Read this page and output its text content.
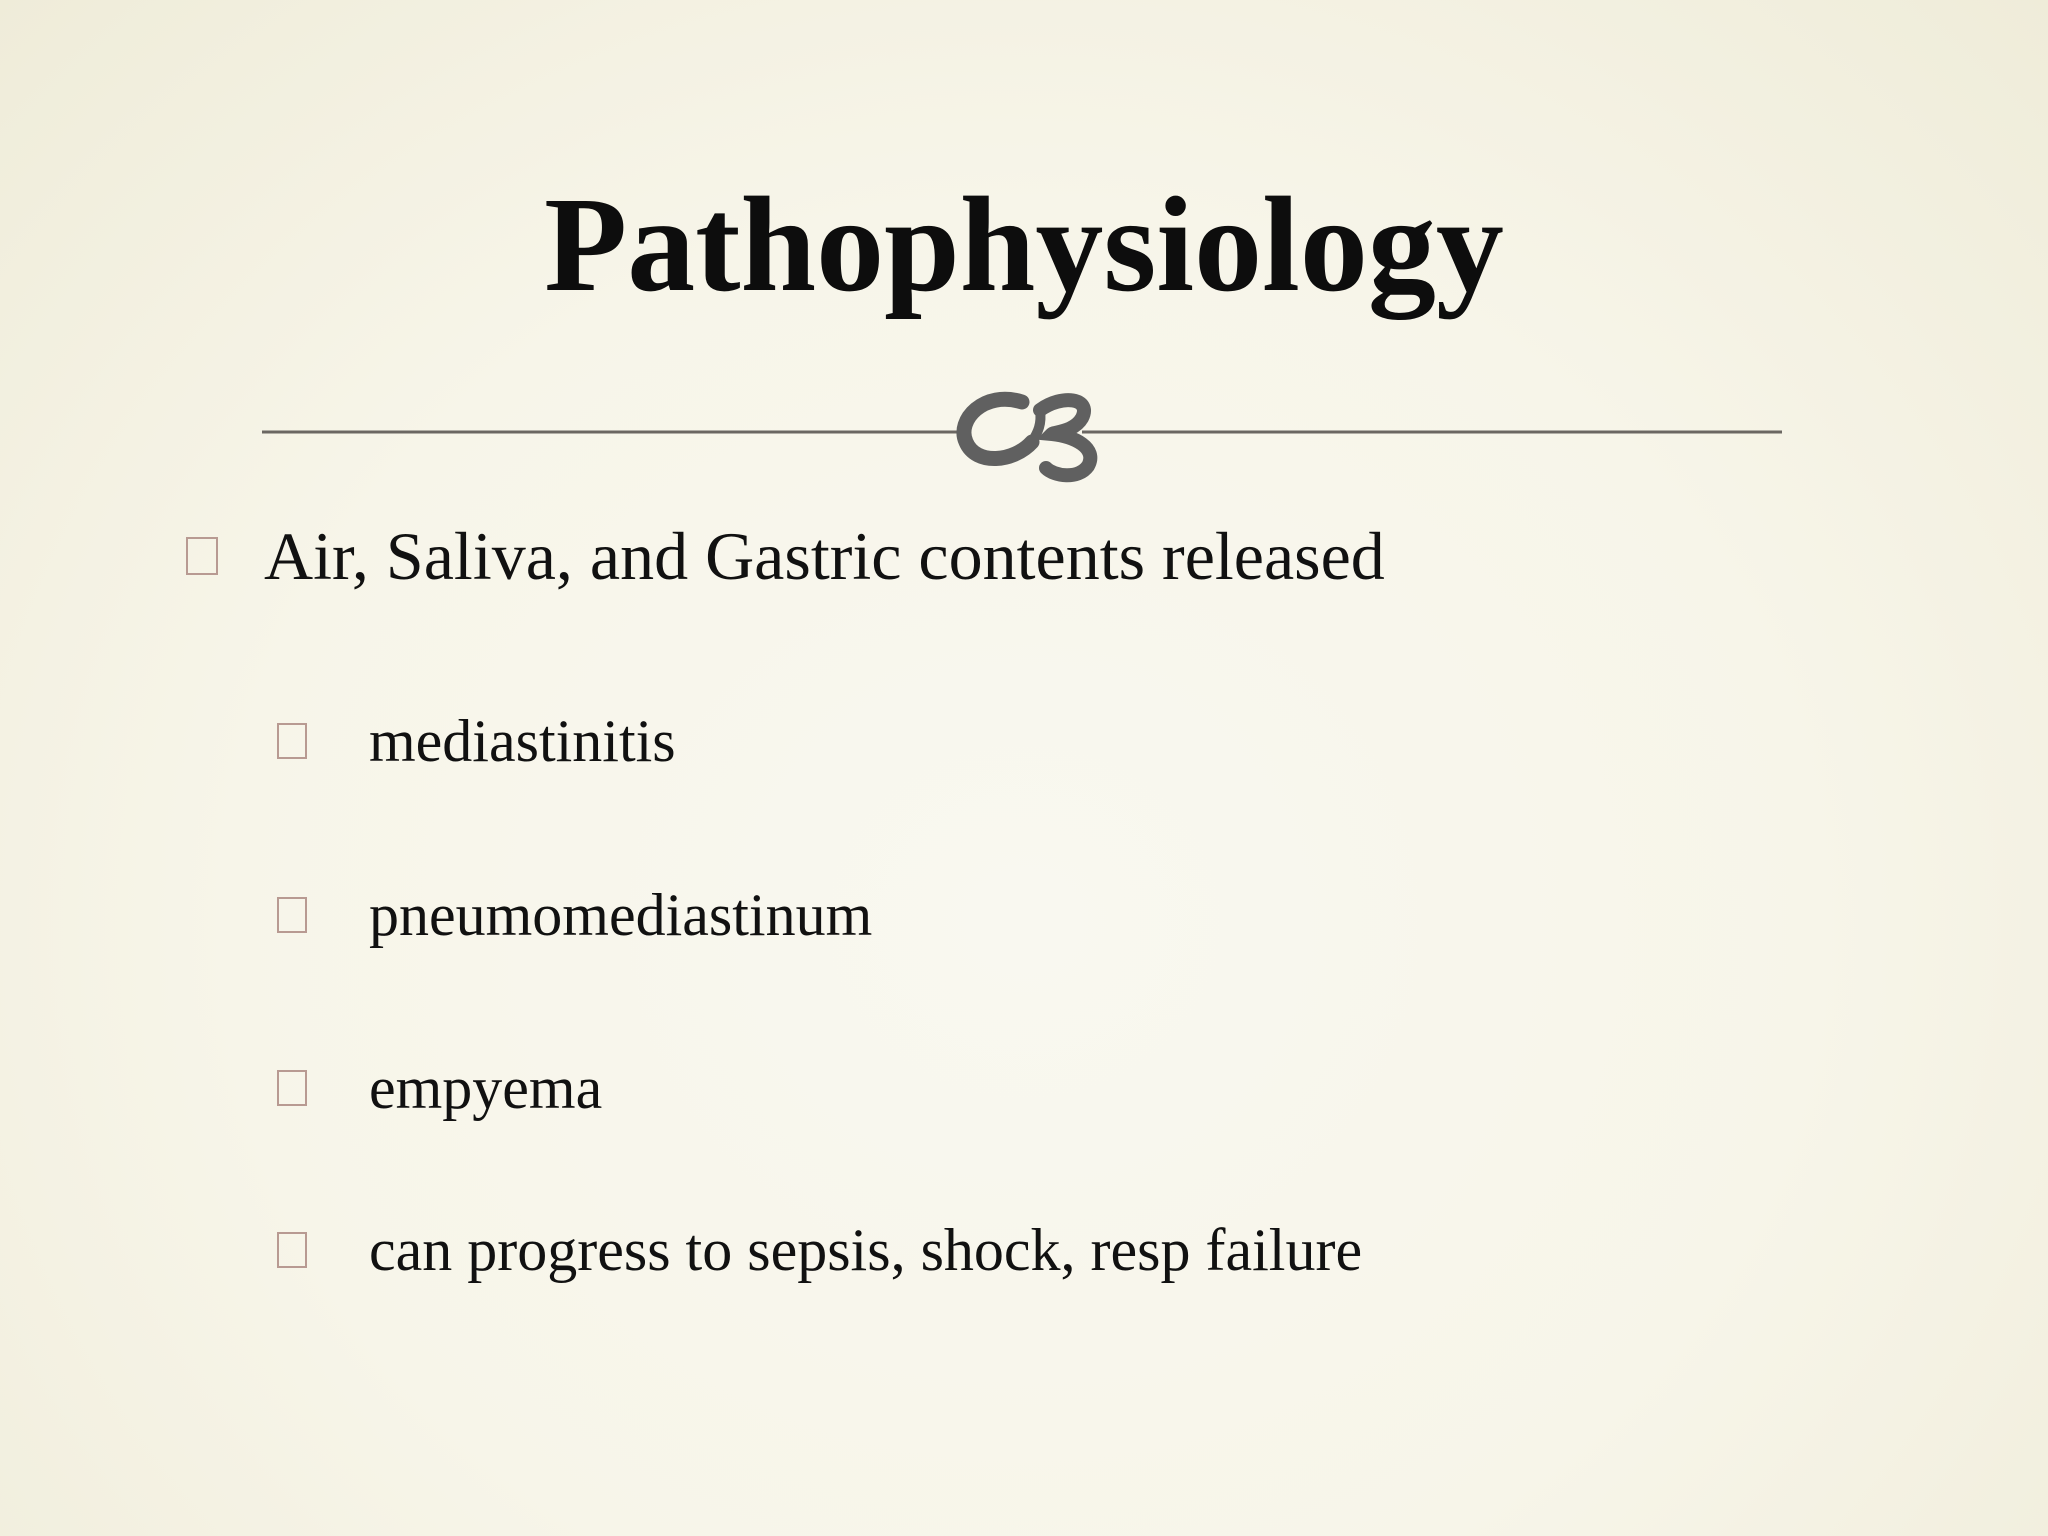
Pathophysiology
Air, Saliva, and Gastric contents released
mediastinitis
pneumomediastinum
empyema
can progress to sepsis, shock, resp failure
